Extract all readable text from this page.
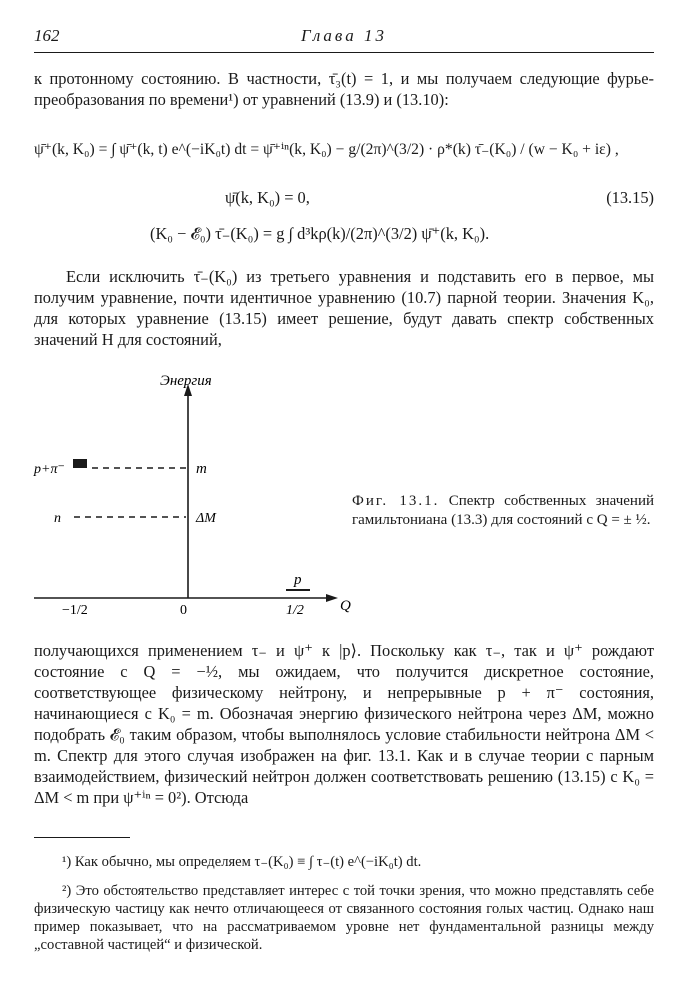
162	Глава 13
к протонному состоянию. В частности, τ̄₃(t) = 1, и мы получаем следующие фурье-преобразования по времени¹) от уравнений (13.9) и (13.10):
ψ̄⁺(k, K₀) = ∫ ψ̄⁺(k, t) e^(−iK₀t) dt = ψ̄⁺ⁱⁿ(k, K₀) − g/(2π)^(3/2) · ρ*(k) τ̄₋(K₀) / (w − K₀ + iε) ,
ψ̄(k, K₀) = 0,	(13.15)
(K₀ − 𝓔₀) τ̄₋(K₀) = g ∫ d³kρ(k)/(2π)^(3/2) ψ̄⁺(k, K₀).
Если исключить τ̄₋(K₀) из третьего уравнения и подставить его в первое, мы получим уравнение, почти идентичное уравнению (10.7) парной теории. Значения K₀, для которых уравнение (13.15) имеет решение, будут давать спектр собственных значений H для состояний,
Энергия
Q
−1/2	0	1/2
p+π⁻	m
n	ΔM
p
Фиг. 13.1. Спектр собственных значений гамильтониана (13.3) для состояний с Q = ± ½.
получающихся применением τ₋ и ψ⁺ к |p⟩. Поскольку как τ₋, так и ψ⁺ рождают состояние с Q = −½, мы ожидаем, что получится дискретное состояние, соответствующее физическому нейтрону, и непрерывные p + π⁻ состояния, начинающиеся с K₀ = m. Обозначая энергию физического нейтрона через ΔM, можно подобрать 𝓔₀ таким образом, чтобы выполнялось условие стабильности нейтрона ΔM < m. Спектр для этого случая изображен на фиг. 13.1. Как и в случае теории с парным взаимодействием, физический нейтрон должен соответствовать решению (13.15) с K₀ = ΔM < m при ψ⁺ⁱⁿ = 0²). Отсюда
¹) Как обычно, мы определяем τ₋(K₀) ≡ ∫ τ₋(t) e^(−iK₀t) dt.
²) Это обстоятельство представляет интерес с той точки зрения, что можно представлять себе физическую частицу как нечто отличающееся от связанного состояния голых частиц. Однако наш пример показывает, что на рассматриваемом уровне нет фундаментальной разницы между „составной частицей“ и физической.
